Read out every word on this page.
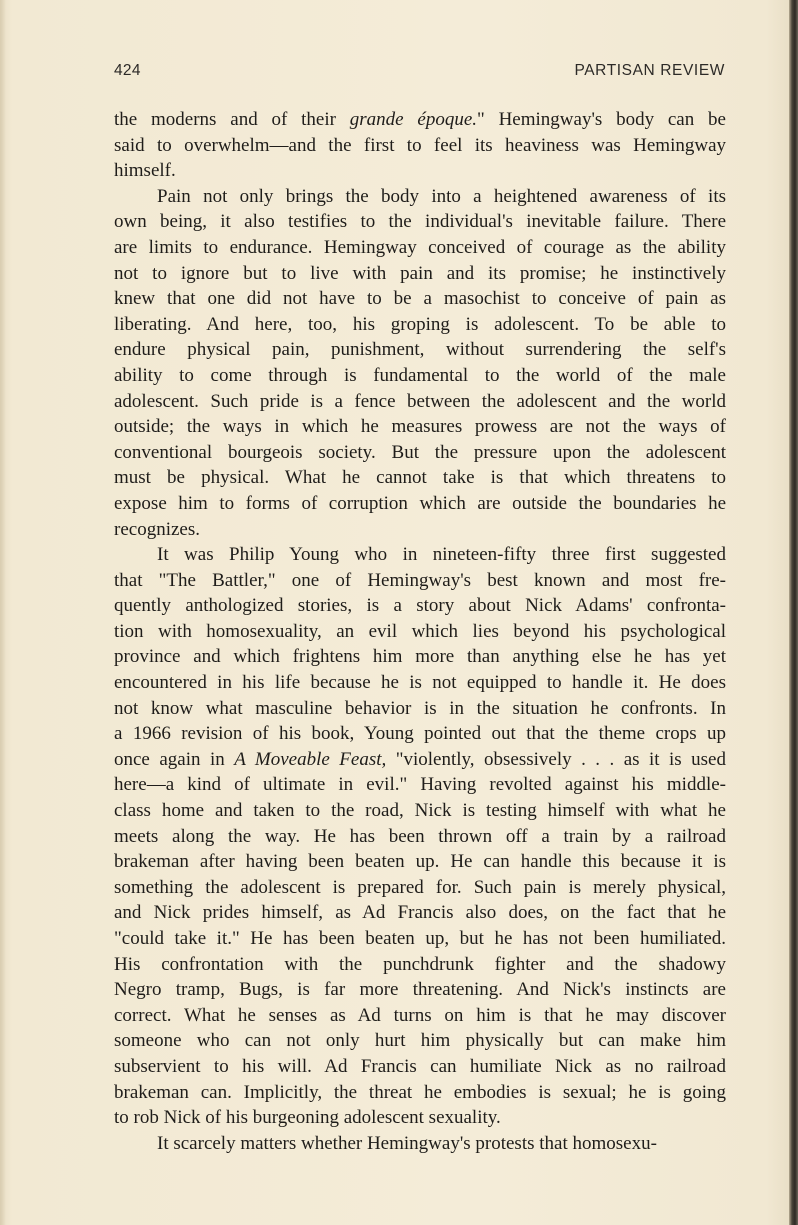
424	PARTISAN REVIEW
the moderns and of their grande époque." Hemingway's body can be
said to overwhelm—and the first to feel its heaviness was Hemingway
himself.
Pain not only brings the body into a heightened awareness of its
own being, it also testifies to the individual's inevitable failure. There
are limits to endurance. Hemingway conceived of courage as the ability
not to ignore but to live with pain and its promise; he instinctively
knew that one did not have to be a masochist to conceive of pain as
liberating. And here, too, his groping is adolescent. To be able to
endure physical pain, punishment, without surrendering the self's
ability to come through is fundamental to the world of the male
adolescent. Such pride is a fence between the adolescent and the world
outside; the ways in which he measures prowess are not the ways of
conventional bourgeois society. But the pressure upon the adolescent
must be physical. What he cannot take is that which threatens to
expose him to forms of corruption which are outside the boundaries he
recognizes.
It was Philip Young who in nineteen-fifty three first suggested
that "The Battler," one of Hemingway's best known and most fre-
quently anthologized stories, is a story about Nick Adams' confronta-
tion with homosexuality, an evil which lies beyond his psychological
province and which frightens him more than anything else he has yet
encountered in his life because he is not equipped to handle it. He does
not know what masculine behavior is in the situation he confronts. In
a 1966 revision of his book, Young pointed out that the theme crops up
once again in A Moveable Feast, "violently, obsessively . . . as it is used
here—a kind of ultimate in evil." Having revolted against his middle-
class home and taken to the road, Nick is testing himself with what he
meets along the way. He has been thrown off a train by a railroad
brakeman after having been beaten up. He can handle this because it is
something the adolescent is prepared for. Such pain is merely physical,
and Nick prides himself, as Ad Francis also does, on the fact that he
"could take it." He has been beaten up, but he has not been humiliated.
His confrontation with the punchdrunk fighter and the shadowy
Negro tramp, Bugs, is far more threatening. And Nick's instincts are
correct. What he senses as Ad turns on him is that he may discover
someone who can not only hurt him physically but can make him
subservient to his will. Ad Francis can humiliate Nick as no railroad
brakeman can. Implicitly, the threat he embodies is sexual; he is going
to rob Nick of his burgeoning adolescent sexuality.
It scarcely matters whether Hemingway's protests that homosexu-
